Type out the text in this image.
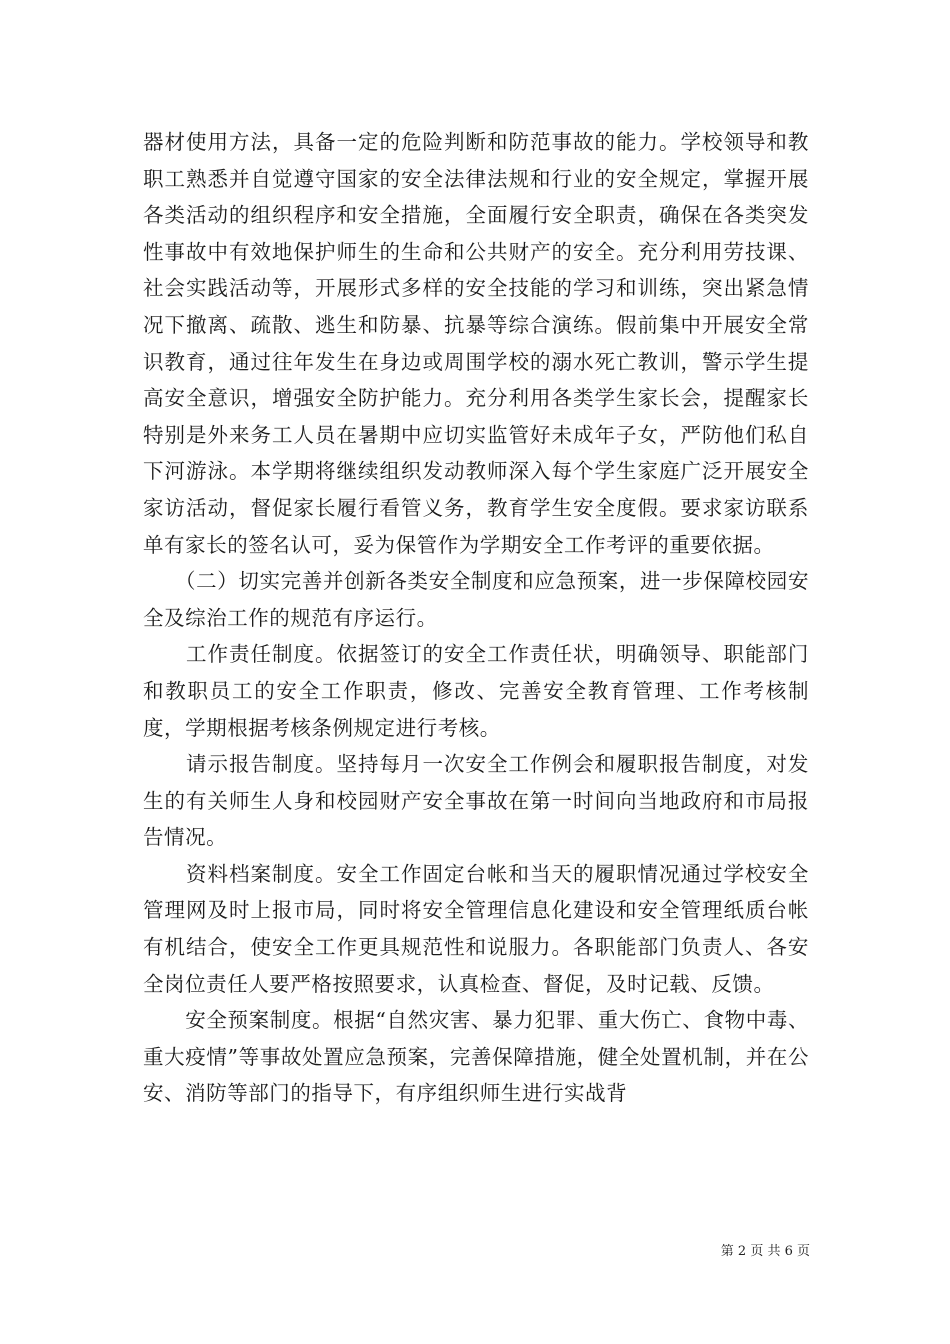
器材使用方法，具备一定的危险判断和防范事故的能力。学校领导和教职工熟悉并自觉遵守国家的安全法律法规和行业的安全规定，掌握开展各类活动的组织程序和安全措施，全面履行安全职责，确保在各类突发性事故中有效地保护师生的生命和公共财产的安全。充分利用劳技课、社会实践活动等，开展形式多样的安全技能的学习和训练，突出紧急情况下撤离、疏散、逃生和防暴、抗暴等综合演练。假前集中开展安全常识教育，通过往年发生在身边或周围学校的溺水死亡教训，警示学生提高安全意识，增强安全防护能力。充分利用各类学生家长会，提醒家长特别是外来务工人员在暑期中应切实监管好未成年子女，严防他们私自下河游泳。本学期将继续组织发动教师深入每个学生家庭广泛开展安全家访活动，督促家长履行看管义务，教育学生安全度假。要求家访联系单有家长的签名认可，妥为保管作为学期安全工作考评的重要依据。

　　（二）切实完善并创新各类安全制度和应急预案，进一步保障校园安全及综治工作的规范有序运行。

　　工作责任制度。依据签订的安全工作责任状，明确领导、职能部门和教职员工的安全工作职责，修改、完善安全教育管理、工作考核制度，学期根据考核条例规定进行考核。

　　请示报告制度。坚持每月一次安全工作例会和履职报告制度，对发生的有关师生人身和校园财产安全事故在第一时间向当地政府和市局报告情况。

　　资料档案制度。安全工作固定台帐和当天的履职情况通过学校安全管理网及时上报市局，同时将安全管理信息化建设和安全管理纸质台帐有机结合，使安全工作更具规范性和说服力。各职能部门负责人、各安全岗位责任人要严格按照要求，认真检查、督促，及时记载、反馈。

　　安全预案制度。根据“自然灾害、暴力犯罪、重大伤亡、食物中毒、重大疫情”等事故处置应急预案，完善保障措施，健全处置机制，并在公安、消防等部门的指导下，有序组织师生进行实战背

第 2 页 共 6 页
